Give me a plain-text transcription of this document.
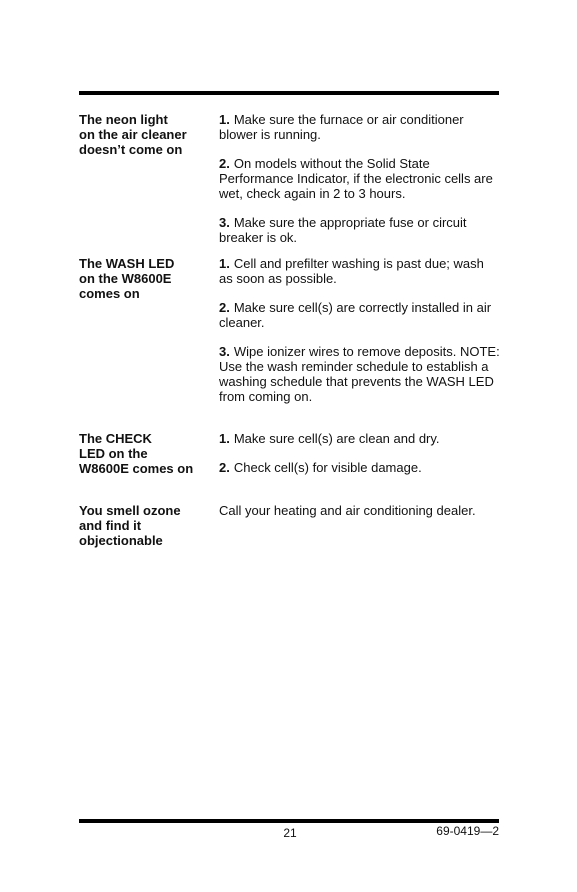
The neon light
on the air cleaner
doesn’t come on

1. Make sure the furnace or air conditioner blower is running.

2. On models without the Solid State Performance Indicator, if the electronic cells are wet, check again in 2 to 3 hours.

3. Make sure the appropriate fuse or circuit breaker is ok.

The WASH LED
on the W8600E
comes on

1. Cell and prefilter washing is past due; wash as soon as possible.

2. Make sure cell(s) are correctly installed in air cleaner.

3. Wipe ionizer wires to remove deposits. NOTE: Use the wash reminder schedule to establish a washing schedule that prevents the WASH LED from coming on.

The CHECK
LED on the
W8600E comes on

1. Make sure cell(s) are clean and dry.

2. Check cell(s) for visible damage.

You smell ozone
and find it
objectionable

Call your heating and air conditioning dealer.

21	69-0419—2
